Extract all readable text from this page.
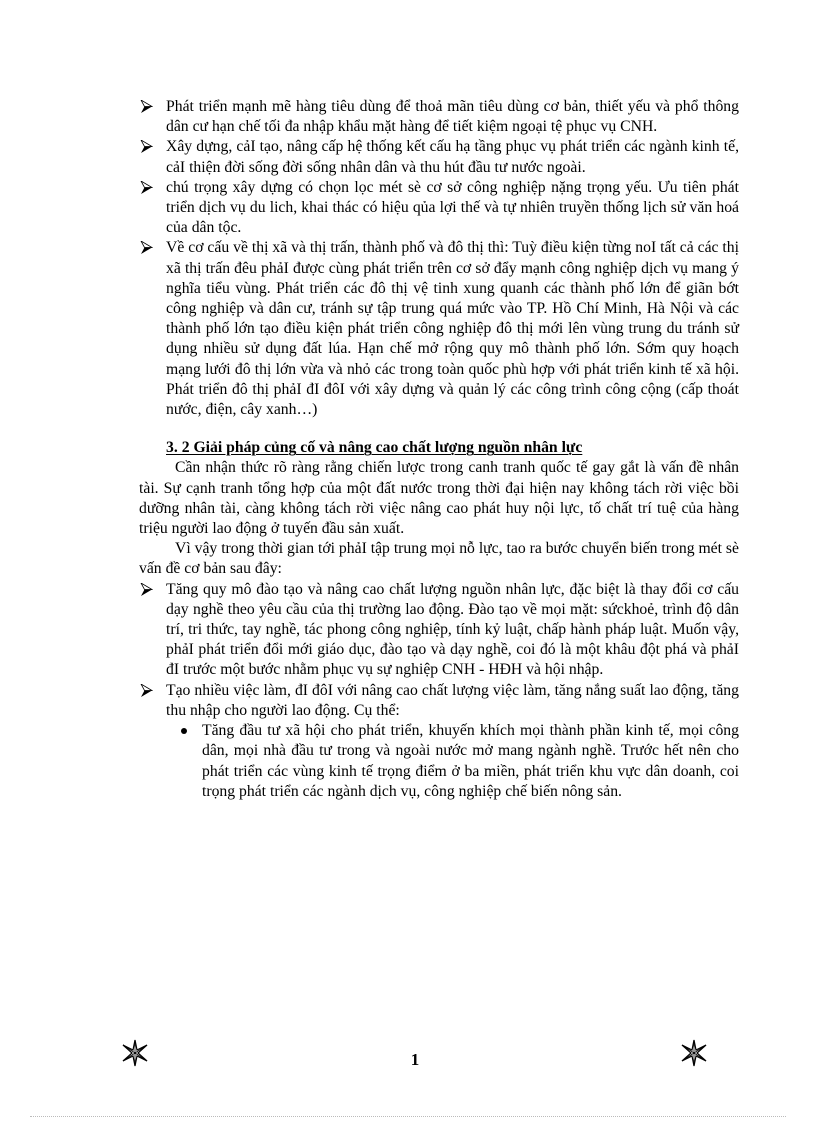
Phát triển mạnh mẽ hàng tiêu dùng để thoả mãn tiêu dùng cơ bản, thiết yếu và phổ thông dân cư hạn chế tối đa nhập khẩu mặt hàng để tiết kiệm ngoại tệ phục vụ CNH.
Xây dựng, cảI tạo, nâng cấp hệ thống kết cấu hạ tầng phục vụ phát triển các ngành kinh tế, cảI thiện đời sống đời sống nhân dân và thu hút đầu tư nước ngoài.
chú trọng xây dựng có chọn lọc mét sè cơ sở công nghiệp nặng trọng yếu. Ưu tiên phát triển dịch vụ du lich, khai thác có hiệu qủa lợi thế và tự nhiên truyền thống lịch sử văn hoá của dân tộc.
Về cơ cấu về thị xã và thị trấn, thành phố và đô thị thì: Tuỳ điều kiện từng noI tất cả các thị xã thị trấn đêu phảI được cùng phát triển trên cơ sở đẩy mạnh công nghiệp dịch vụ mang ý nghĩa tiểu vùng. Phát triển các đô thị vệ tinh xung quanh các thành phố lớn để giãn bớt công nghiệp và dân cư, tránh sự tập trung quá mức vào TP. Hồ Chí Minh, Hà Nội và các thành phố lớn tạo điều kiện phát triển công nghiệp đô thị mới lên vùng trung du tránh sử dụng nhiều sử dụng đất lúa. Hạn chế mở rộng quy mô thành phố lớn. Sớm quy hoạch mạng lưới đô thị lớn vừa và nhỏ các trong toàn quốc phù hợp với phát triển kinh tế xã hội. Phát triển đô thị phảI đI đôI với xây dựng và quản lý các công trình công cộng (cấp thoát nước, điện, cây xanh…)
3. 2 Giải pháp củng cố và nâng cao chất lượng nguồn nhân lực

Cần nhận thức rõ ràng rằng chiến lược trong canh tranh quốc tế gay gắt là vấn đề nhân tài. Sự cạnh tranh tổng hợp của một đất nước trong thời đại hiện nay không tách rời việc bồi dưỡng nhân tài, càng không tách rời việc nâng cao phát huy nội lực, tố chất trí tuệ của hàng triệu người lao động ở tuyến đầu sản xuất.

Vì vậy trong thời gian tới phảI tập trung mọi nỗ lực, tao ra bước chuyển biến trong mét sè vấn đề cơ bản sau đây:

Tăng quy mô đào tạo và nâng cao chất lượng nguồn nhân lực, đặc biệt là thay đổi cơ cấu dạy nghề theo yêu cầu của thị trường lao động. Đào tạo về mọi mặt: sứckhoẻ, trình độ dân trí, tri thức, tay nghề, tác phong công nghiệp, tính kỷ luật, chấp hành pháp luật. Muốn vậy, phảI phát triển đổi mới giáo dục, đào tạo và dạy nghề, coi đó là một khâu đột phá và phảI đI trước một bước nhằm phục vụ sự nghiệp CNH - HĐH và hội nhập.
Tạo nhiều việc làm, đI đôI với nâng cao chất lượng việc làm, tăng nắng suất lao động, tăng thu nhập cho người lao động. Cụ thể:
Tăng đầu tư xã hội cho phát triển, khuyến khích mọi thành phần kinh tế, mọi công dân, mọi nhà đầu tư trong và ngoài nước mở mang ngành nghề. Trước hết nên cho phát triển các vùng kinh tế trọng điểm ở ba miền, phát triển khu vực dân doanh, coi trọng phát triển các ngành dịch vụ, công nghiệp chế biến nông sản.
1
